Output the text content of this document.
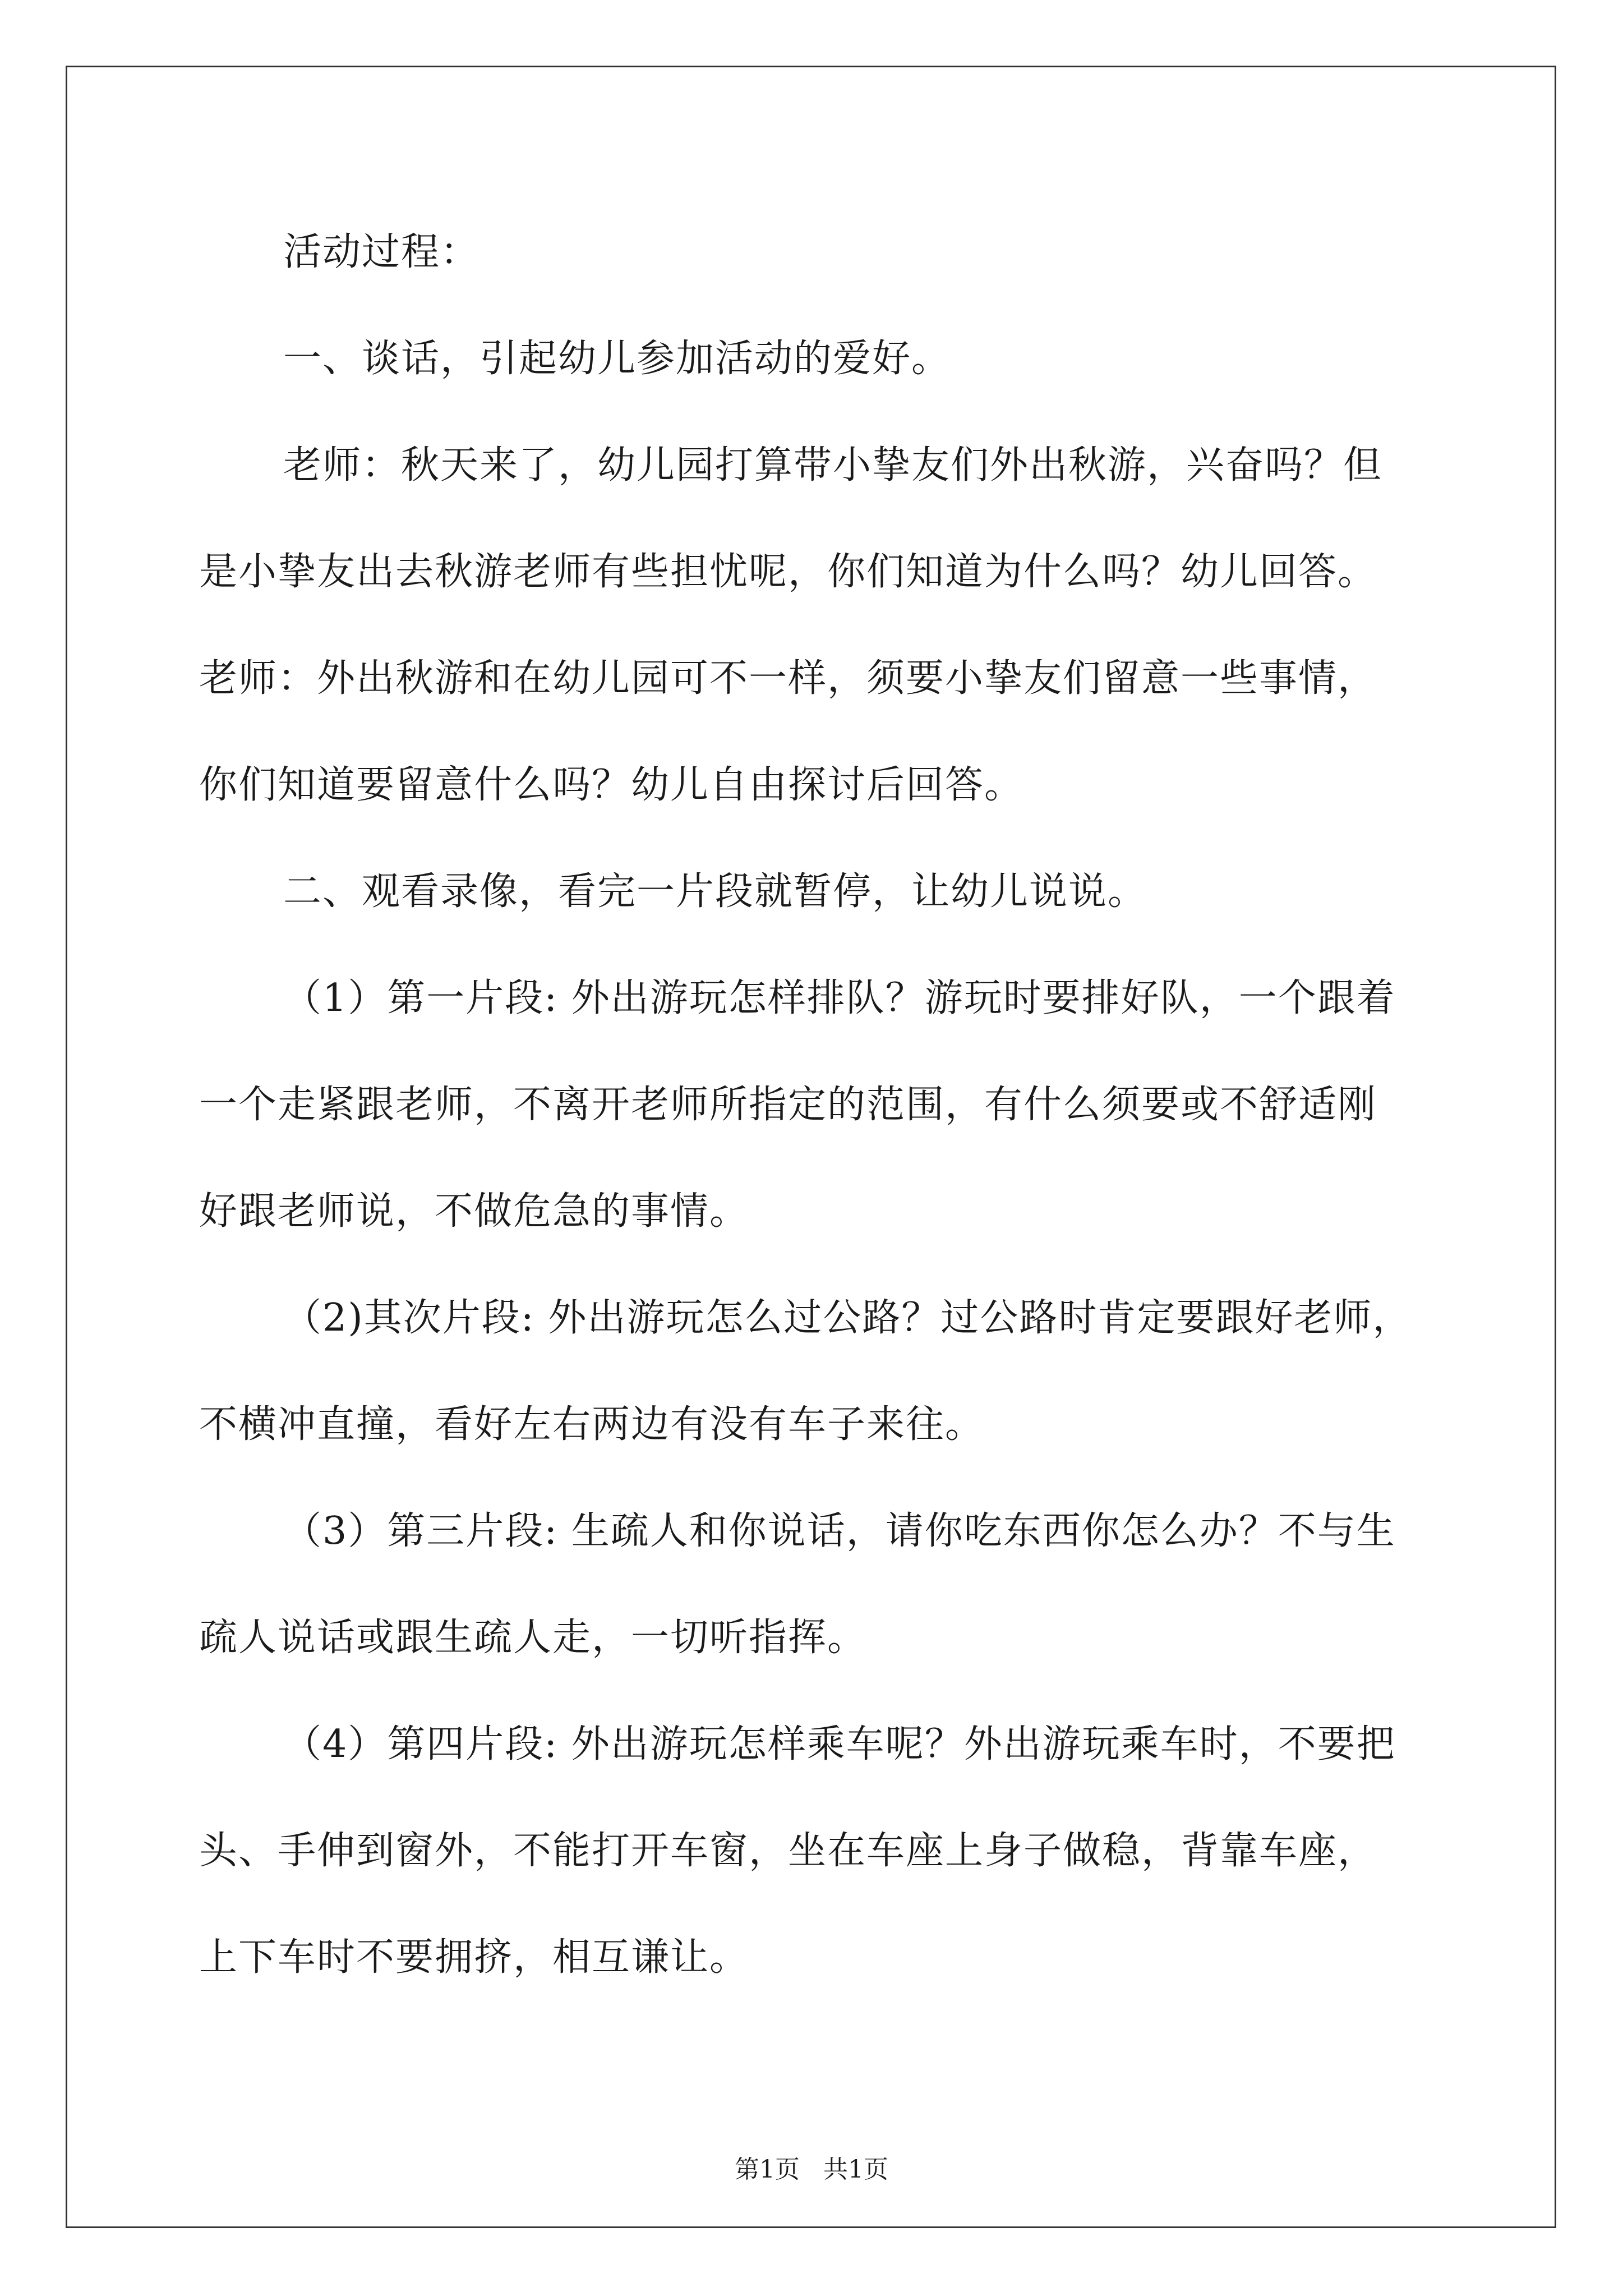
活动过程：
一、谈话，引起幼儿参加活动的爱好。
老师：秋天来了，幼儿园打算带小挚友们外出秋游，兴奋吗？但
是小挚友出去秋游老师有些担忧呢，你们知道为什么吗？幼儿回答。
老师：外出秋游和在幼儿园可不一样，须要小挚友们留意一些事情，
你们知道要留意什么吗？幼儿自由探讨后回答。
二、观看录像，看完一片段就暂停，让幼儿说说。
（1）第一片段: 外出游玩怎样排队？游玩时要排好队，一个跟着
一个走紧跟老师，不离开老师所指定的范围，有什么须要或不舒适刚
好跟老师说，不做危急的事情。
（2)其次片段: 外出游玩怎么过公路？过公路时肯定要跟好老师，
不横冲直撞，看好左右两边有没有车子来往。
（3）第三片段: 生疏人和你说话，请你吃东西你怎么办？不与生
疏人说话或跟生疏人走，一切听指挥。
（4）第四片段: 外出游玩怎样乘车呢？外出游玩乘车时，不要把
头、手伸到窗外，不能打开车窗，坐在车座上身子做稳，背靠车座，
上下车时不要拥挤，相互谦让。
第1页   共1页
